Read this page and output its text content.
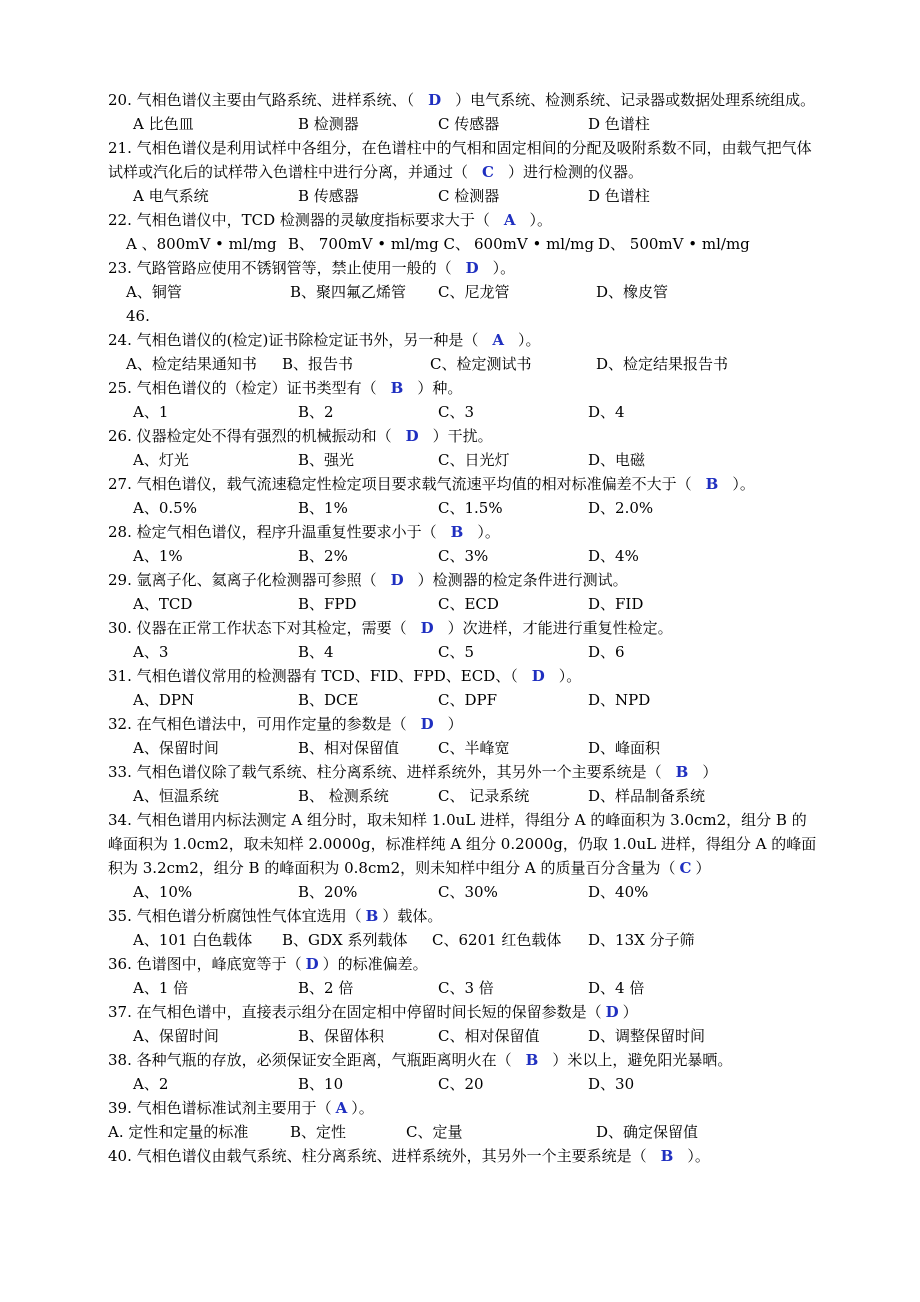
20. 气相色谱仪主要由气路系统、进样系统、（ D ）电气系统、检测系统、记录器或数据处理系统组成。
A 比色皿	B 检测器	C 传感器	D 色谱柱
21. 气相色谱仪是利用试样中各组分，在色谱柱中的气相和固定相间的分配及吸附系数不同，由载气把气体试样或汽化后的试样带入色谱柱中进行分离，并通过（ C ）进行检测的仪器。
A 电气系统	B 传感器	C 检测器	D 色谱柱
22. 气相色谱仪中，TCD 检测器的灵敏度指标要求大于（ A ）。
A 、800mV • ml/mg B、 700mV • ml/mg C、 600mV • ml/mg D、 500mV • ml/mg
23. 气路管路应使用不锈钢管等，禁止使用一般的（ D ）。
A、铜管	B、聚四氟乙烯管 C、尼龙管	D、橡皮管
46.
24. 气相色谱仪的(检定)证书除检定证书外，另一种是（ A ）。
A、检定结果通知书 B、报告书	C、检定测试书	D、检定结果报告书
25. 气相色谱仪的（检定）证书类型有（ B ）种。
A、1	B、2	C、3	D、4
26. 仪器检定处不得有强烈的机械振动和（ D ）干扰。
A、灯光	B、强光	C、日光灯	D、电磁
27. 气相色谱仪，载气流速稳定性检定项目要求载气流速平均值的相对标准偏差不大于（ B ）。
A、0.5%	B、1%	C、1.5%	D、2.0%
28. 检定气相色谱仪，程序升温重复性要求小于（ B ）。
A、1%	B、2%	C、3%	D、4%
29. 氩离子化、氦离子化检测器可参照（ D ）检测器的检定条件进行测试。
A、TCD	B、FPD	C、ECD	D、FID
30. 仪器在正常工作状态下对其检定，需要（ D ）次进样，才能进行重复性检定。
A、3	B、4	C、5	D、6
31. 气相色谱仪常用的检测器有 TCD、FID、FPD、ECD、（ D ）。
A、DPN	B、DCE	C、DPF	D、NPD
32. 在气相色谱法中，可用作定量的参数是（ D ）
A、保留时间	B、相对保留值	C、半峰宽	D、峰面积
33. 气相色谱仪除了载气系统、柱分离系统、进样系统外，其另外一个主要系统是（ B ）
A、恒温系统	B、 检测系统	C、 记录系统	D、样品制备系统
34. 气相色谱用内标法测定 A 组分时，取未知样 1.0uL 进样，得组分 A 的峰面积为 3.0cm2，组分 B 的峰面积为 1.0cm2，取未知样 2.0000g，标准样纯 A 组分 0.2000g，仍取 1.0uL 进样，得组分 A 的峰面积为 3.2cm2，组分 B 的峰面积为 0.8cm2，则未知样中组分 A 的质量百分含量为（ C ）
A、10%	B、20%	C、30%	D、40%
35. 气相色谱分析腐蚀性气体宜选用（ B ）载体。
A、101 白色载体 B、GDX 系列载体 C、6201 红色载体 D、13X 分子筛
36. 色谱图中，峰底宽等于（ D ）的标准偏差。
A、1 倍	B、2 倍	C、3 倍	D、4 倍
37. 在气相色谱中，直接表示组分在固定相中停留时间长短的保留参数是（ D ）
A、保留时间	B、保留体积	C、相对保留值	D、调整保留时间
38. 各种气瓶的存放，必须保证安全距离，气瓶距离明火在（ B ）米以上，避免阳光暴晒。
A、2	B、10	C、20	D、30
39. 气相色谱标准试剂主要用于（ A ）。
A. 定性和定量的标准	B、定性	C、定量	D、确定保留值
40. 气相色谱仪由载气系统、柱分离系统、进样系统外，其另外一个主要系统是（ B ）。
